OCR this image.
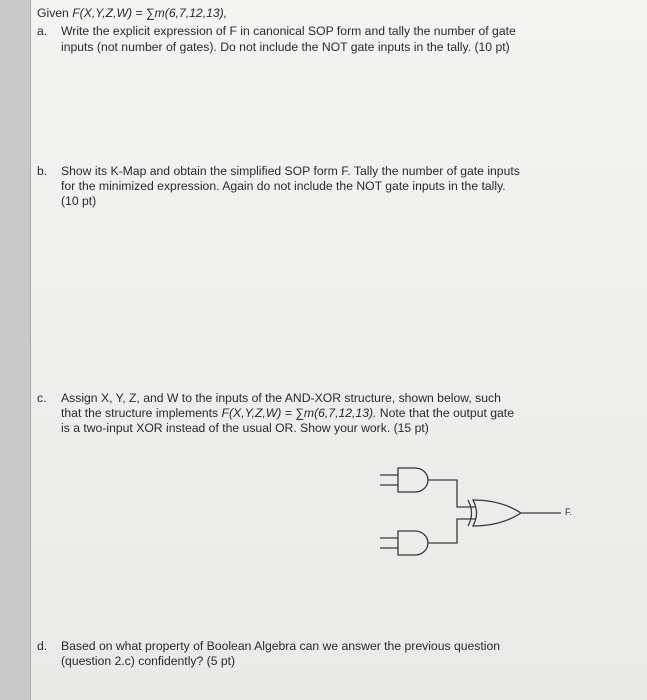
Given F(X,Y,Z,W) = ∑m(6,7,12,13),
a. Write the explicit expression of F in canonical SOP form and tally the number of gate
inputs (not number of gates). Do not include the NOT gate inputs in the tally. (10 pt)
b. Show its K-Map and obtain the simplified SOP form F. Tally the number of gate inputs
for the minimized expression. Again do not include the NOT gate inputs in the tally.
(10 pt)
c. Assign X, Y, Z, and W to the inputs of the AND-XOR structure, shown below, such
that the structure implements F(X,Y,Z,W) = ∑m(6,7,12,13). Note that the output gate
is a two-input XOR instead of the usual OR. Show your work. (15 pt)
F.
d. Based on what property of Boolean Algebra can we answer the previous question
(question 2.c) confidently? (5 pt)
